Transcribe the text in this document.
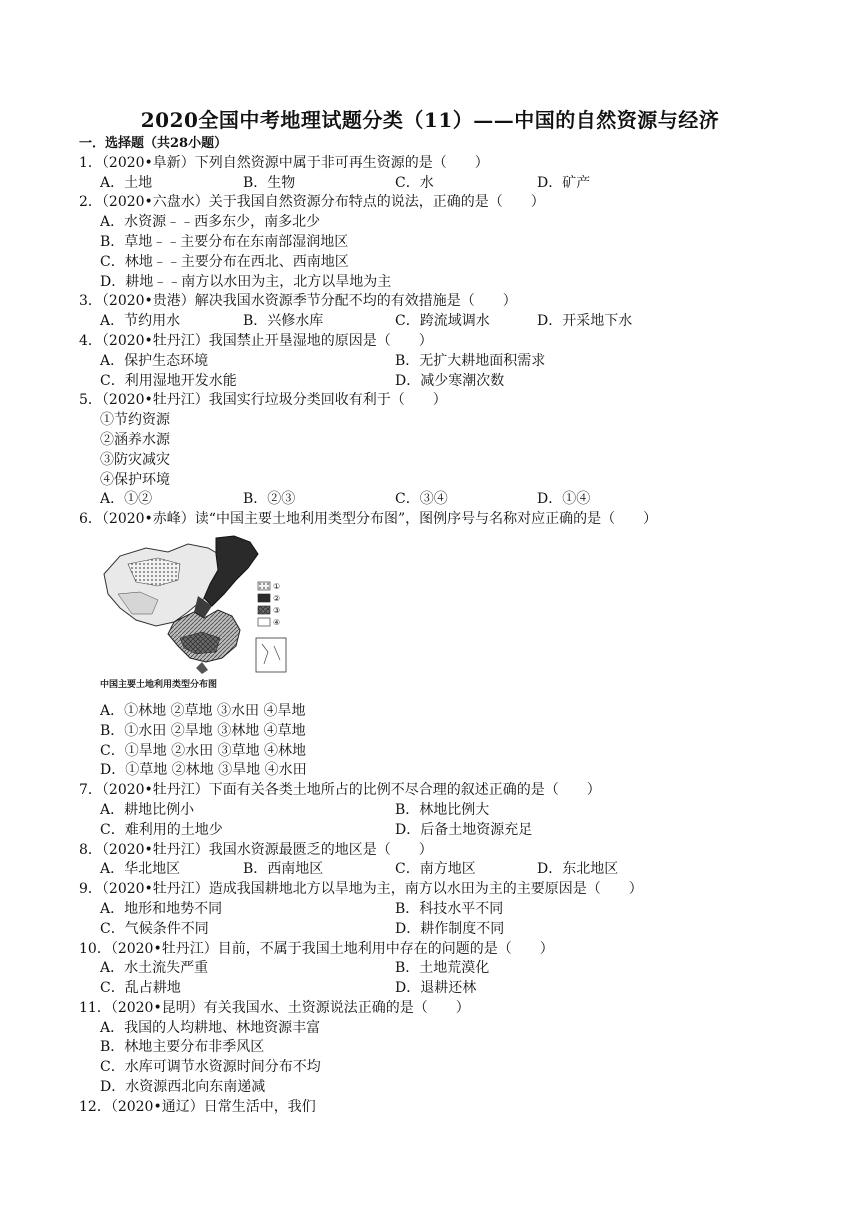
2020全国中考地理试题分类（11）——中国的自然资源与经济
一．选择题（共28小题）
1．（2020•阜新）下列自然资源中属于非可再生资源的是（　　）
A．土地	B．生物	C．水	D．矿产
2．（2020•六盘水）关于我国自然资源分布特点的说法，正确的是（　　）
A．水资源﹣﹣西多东少，南多北少
B．草地﹣﹣主要分布在东南部湿润地区
C．林地﹣﹣主要分布在西北、西南地区
D．耕地﹣﹣南方以水田为主，北方以旱地为主
3．（2020•贵港）解决我国水资源季节分配不均的有效措施是（　　）
A．节约用水	B．兴修水库	C．跨流域调水	D．开采地下水
4．（2020•牡丹江）我国禁止开垦湿地的原因是（　　）
A．保护生态环境	B．无扩大耕地面积需求
C．利用湿地开发水能	D．减少寒潮次数
5．（2020•牡丹江）我国实行垃圾分类回收有利于（　　）
①节约资源
②涵养水源
③防灾减灾
④保护环境
A．①②	B．②③	C．③④	D．①④
6．（2020•赤峰）读“中国主要土地利用类型分布图”，图例序号与名称对应正确的是（　　）
①
②
③
④
中国主要土地利用类型分布图
A．①林地 ②草地 ③水田 ④旱地
B．①水田 ②旱地 ③林地 ④草地
C．①旱地 ②水田 ③草地 ④林地
D．①草地 ②林地 ③旱地 ④水田
7．（2020•牡丹江）下面有关各类土地所占的比例不尽合理的叙述正确的是（　　）
A．耕地比例小	B．林地比例大
C．难利用的土地少	D．后备土地资源充足
8．（2020•牡丹江）我国水资源最匮乏的地区是（　　）
A．华北地区	B．西南地区	C．南方地区	D．东北地区
9．（2020•牡丹江）造成我国耕地北方以旱地为主，南方以水田为主的主要原因是（　　）
A．地形和地势不同	B．科技水平不同
C．气候条件不同	D．耕作制度不同
10．（2020•牡丹江）目前，不属于我国土地利用中存在的问题的是（　　）
A．水土流失严重	B．土地荒漠化
C．乱占耕地	D．退耕还林
11．（2020•昆明）有关我国水、土资源说法正确的是（　　）
A．我国的人均耕地、林地资源丰富
B．林地主要分布非季风区
C．水库可调节水资源时间分布不均
D．水资源西北向东南递减
12．（2020•通辽）日常生活中，我们
